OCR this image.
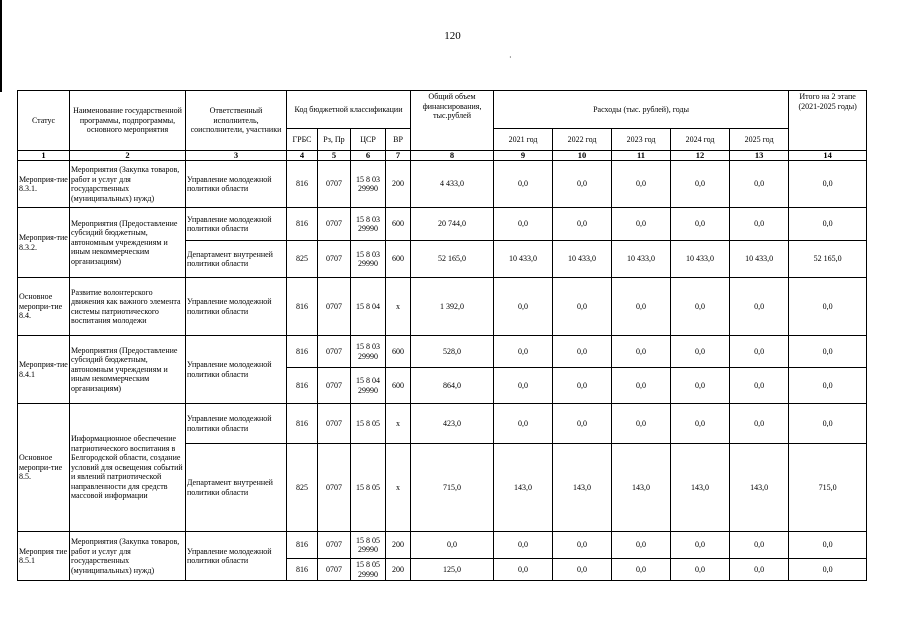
120
·
Статус	Наименование государственной программы, подпрограммы, основного мероприятия	Ответственный исполнитель, соисполнители, участники	Код бюджетной классификации				Общий объем финансирования, тыс.рублей	Расходы (тыс. рублей), годы					Итого на 2 этапе (2021-2025 годы)
			ГРБС	Рз, Пр	ЦСР	ВР		2021 год	2022 год	2023 год	2024 год	2025 год	
1	2	3	4	5	6	7	8	9	10	11	12	13	14
Мероприя-тие 8.3.1.	Мероприятия (Закупка товаров, работ и услуг для государственных (муниципальных) нужд)	Управление молодежной политики области	816	0707	15 8 03 29990	200	4 433,0	0,0	0,0	0,0	0,0	0,0	0,0
Мероприя-тие 8.3.2.	Мероприятия (Предоставление субсидий бюджетным, автономным учреждениям и иным некоммерческим организациям)	Управление молодежной политики области	816	0707	15 8 03 29990	600	20 744,0	0,0	0,0	0,0	0,0	0,0	0,0
		Департамент внутренней политики области	825	0707	15 8 03 29990	600	52 165,0	10 433,0	10 433,0	10 433,0	10 433,0	10 433,0	52 165,0
Основное меропри-тие 8.4.	Развитие волонтерского движения как важного элемента системы патриотического воспитания молодежи	Управление молодежной политики области	816	0707	15 8 04	x	1 392,0	0,0	0,0	0,0	0,0	0,0	0,0
Мероприя-тие 8.4.1	Мероприятия (Предоставление субсидий бюджетным, автономным учреждениям и иным некоммерческим организациям)	Управление молодежной политики области	816	0707	15 8 03 29990	600	528,0	0,0	0,0	0,0	0,0	0,0	0,0
			816	0707	15 8 04 29990	600	864,0	0,0	0,0	0,0	0,0	0,0	0,0
Основное меропри-тие 8.5.	Информационное обеспечение патриотического воспитания в Белгородской области, создание условий для освещения событий и явлений патриотической направленности для средств массовой информации	Управление молодежной политики области	816	0707	15 8 05	x	423,0	0,0	0,0	0,0	0,0	0,0	0,0
		Департамент внутренней политики области	825	0707	15 8 05	x	715,0	143,0	143,0	143,0	143,0	143,0	715,0
Мероприя тие 8.5.1	Мероприятия (Закупка товаров, работ и услуг для государственных (муниципальных) нужд)	Управление молодежной политики области	816	0707	15 8 05 29990	200	0,0	0,0	0,0	0,0	0,0	0,0	0,0
			816	0707	15 8 05 29990	200	125,0	0,0	0,0	0,0	0,0	0,0	0,0
